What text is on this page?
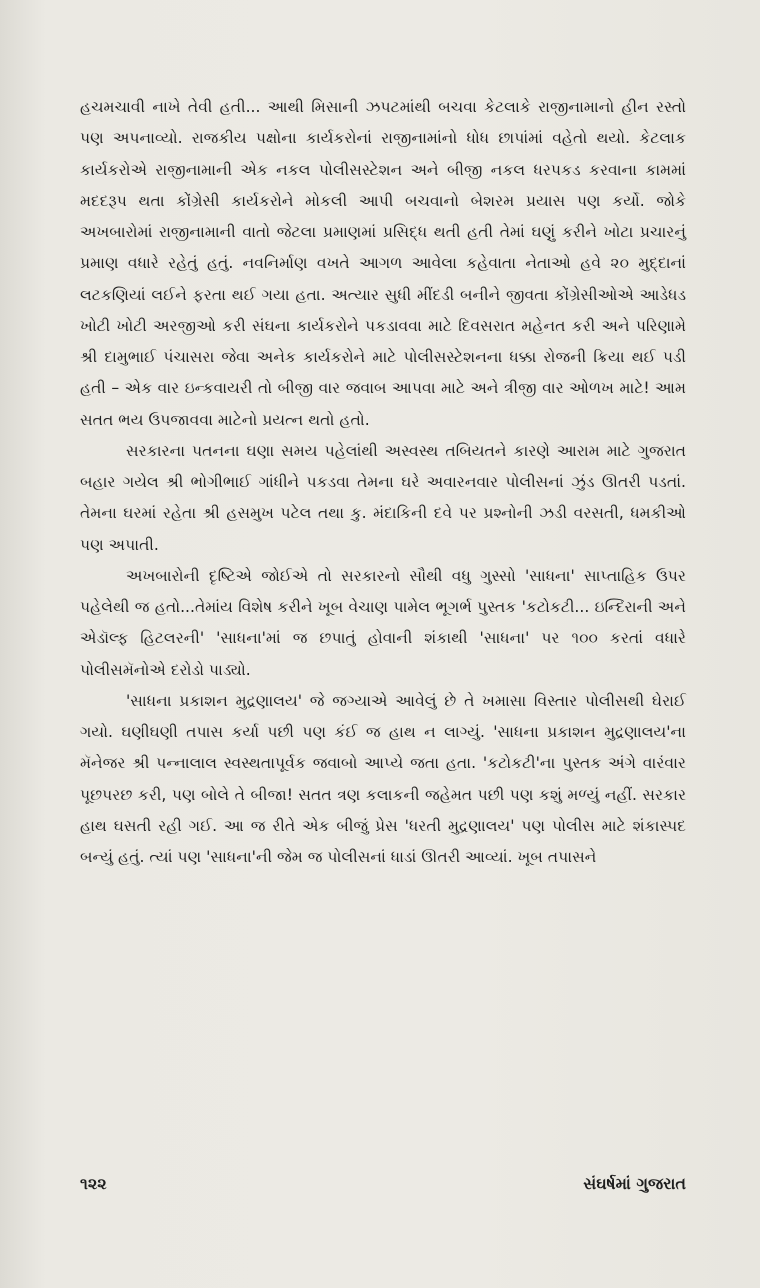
હચમચાવી નાખે તેવી હતી... આથી મિસાની ઝપટમાંથી બચવા કેટલાકે રાજીનામાનો હીન રસ્તો પણ અપનાવ્યો. રાજકીય પક્ષોના કાર્યકરોનાં રાજીનામાંનો ધોધ છાપાંમાં વહેતો થયો. કેટલાક કાર્યકરોએ રાજીનામાની એક નકલ પોલીસસ્ટેશન અને બીજી નકલ ધરપકડ કરવાના કામમાં મદદરૂપ થતા કોંગ્રેસી કાર્યકરોને મોકલી આપી બચવાનો બેશરમ પ્રયાસ પણ કર્યો. જોકે અખબારોમાં રાજીનામાની વાતો જેટલા પ્રમાણમાં પ્રસિદ્ધ થતી હતી તેમાં ઘણું કરીને ખોટા પ્રચારનું પ્રમાણ વધારે રહેતું હતું. નવનિર્માણ વખતે આગળ આવેલા કહેવાતા નેતાઓ હવે ૨૦ મુદ્દાનાં લટકણિયાં લઈને ફરતા થઈ ગયા હતા. અત્યાર સુધી મીંદડી બનીને જીવતા કોંગ્રેસીઓએ આડેધડ ખોટી ખોટી અરજીઓ કરી સંઘના કાર્યકરોને પકડાવવા માટે દિવસરાત મહેનત કરી અને પરિણામે શ્રી દામુભાઈ પંચાસરા જેવા અનેક કાર્યકરોને માટે પોલીસસ્ટેશનના ધક્કા રોજની ક્રિયા થઈ પડી હતી – એક વાર ઇન્કવાયરી તો બીજી વાર જવાબ આપવા માટે અને ત્રીજી વાર ઓળખ માટે! આમ સતત ભય ઉપજાવવા માટેનો પ્રયત્ન થતો હતો.

સરકારના પતનના ઘણા સમય પહેલાંથી અસ્વસ્થ તબિયતને કારણે આરામ માટે ગુજરાત બહાર ગયેલ શ્રી ભોગીભાઈ ગાંધીને પકડવા તેમના ઘરે અવારનવાર પોલીસનાં ઝુંડ ઊતરી પડતાં. તેમના ઘરમાં રહેતા શ્રી હસમુખ પટેલ તથા કુ. મંદાકિની દવે પર પ્રશ્નોની ઝડી વરસતી, ધમકીઓ પણ અપાતી.

અખબારોની દૃષ્ટિએ જોઈએ તો સરકારનો સૌથી વધુ ગુસ્સો 'સાધના' સાપ્તાહિક ઉપર પહેલેથી જ હતો...તેમાંય વિશેષ કરીને ખૂબ વેચાણ પામેલ ભૂગર્ભ પુસ્તક 'કટોકટી... ઇન્દિરાની અને એડૉલ્ફ હિટલરની' 'સાધના'માં જ છપાતું હોવાની શંકાથી 'સાધના' પર ૧૦૦ કરતાં વધારે પોલીસમૅનોએ દરોડો પાડ્યો.

'સાધના પ્રકાશન મુદ્રણાલય' જે જગ્યાએ આવેલું છે તે ખમાસા વિસ્તાર પોલીસથી ઘેરાઈ ગયો. ઘણીઘણી તપાસ કર્યા પછી પણ કંઈ જ હાથ ન લાગ્યું. 'સાધના પ્રકાશન મુદ્રણાલય'ના મૅનેજર શ્રી પન્નાલાલ સ્વસ્થતાપૂર્વક જવાબો આપ્યે જતા હતા. 'કટોકટી'ના પુસ્તક અંગે વારંવાર પૂછપરછ કરી, પણ બોલે તે બીજા! સતત ત્રણ કલાકની જહેમત પછી પણ કશું મળ્યું નહીં. સરકાર હાથ ઘસતી રહી ગઈ. આ જ રીતે એક બીજું પ્રેસ 'ધરતી મુદ્રણાલય' પણ પોલીસ માટે શંકાસ્પદ બન્યું હતું. ત્યાં પણ 'સાધના'ની જેમ જ પોલીસનાં ધાડાં ઊતરી આવ્યાં. ખૂબ તપાસને

૧૨૨	સંઘર્ષમાં ગુજરાત
